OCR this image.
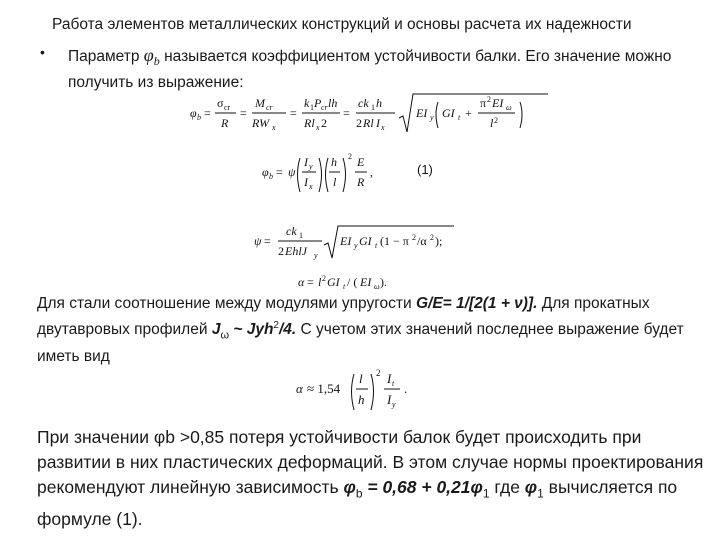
Работа элементов металлических конструкций и основы расчета их надежности
• Параметр $\varphi_b$ называется коэффициентом устойчивости балки. Его значение можно получить из выражение:
φ b =
σ cr
R
=
M cr
RW x
=
k 1 P cr lh
Rl x 2
=
ck 1 h
2 Rl I x
EI y GI t +
π 2 EI ω
l 2
φ b = ψ
I y
I x
h
l
2 E
R
,	(1)
ψ =
ck 1
2 EhlJ y
EI y GI t (1 − π 2 /α 2 );
α = l 2 GI t / ( EI ω ).
Для стали соотношение между модулями упругости G/E= 1/[2(1 + ν)]. Для прокатных двутавровых профилей $J_\omega$ ~ Jyh$^2$/4. С учетом этих значений последнее выражение будет иметь вид
α ≈ 1,54
l
h
2 I t
I y
.
При значении φb >0,85 потеря устойчивости балок будет происходить при развитии в них пластических деформаций. В этом случае нормы проектирования рекомендуют линейную зависимость $\varphi_b = 0,68 + 0,21\varphi_1$ где $\varphi_1$ вычисляется по формуле (1).
